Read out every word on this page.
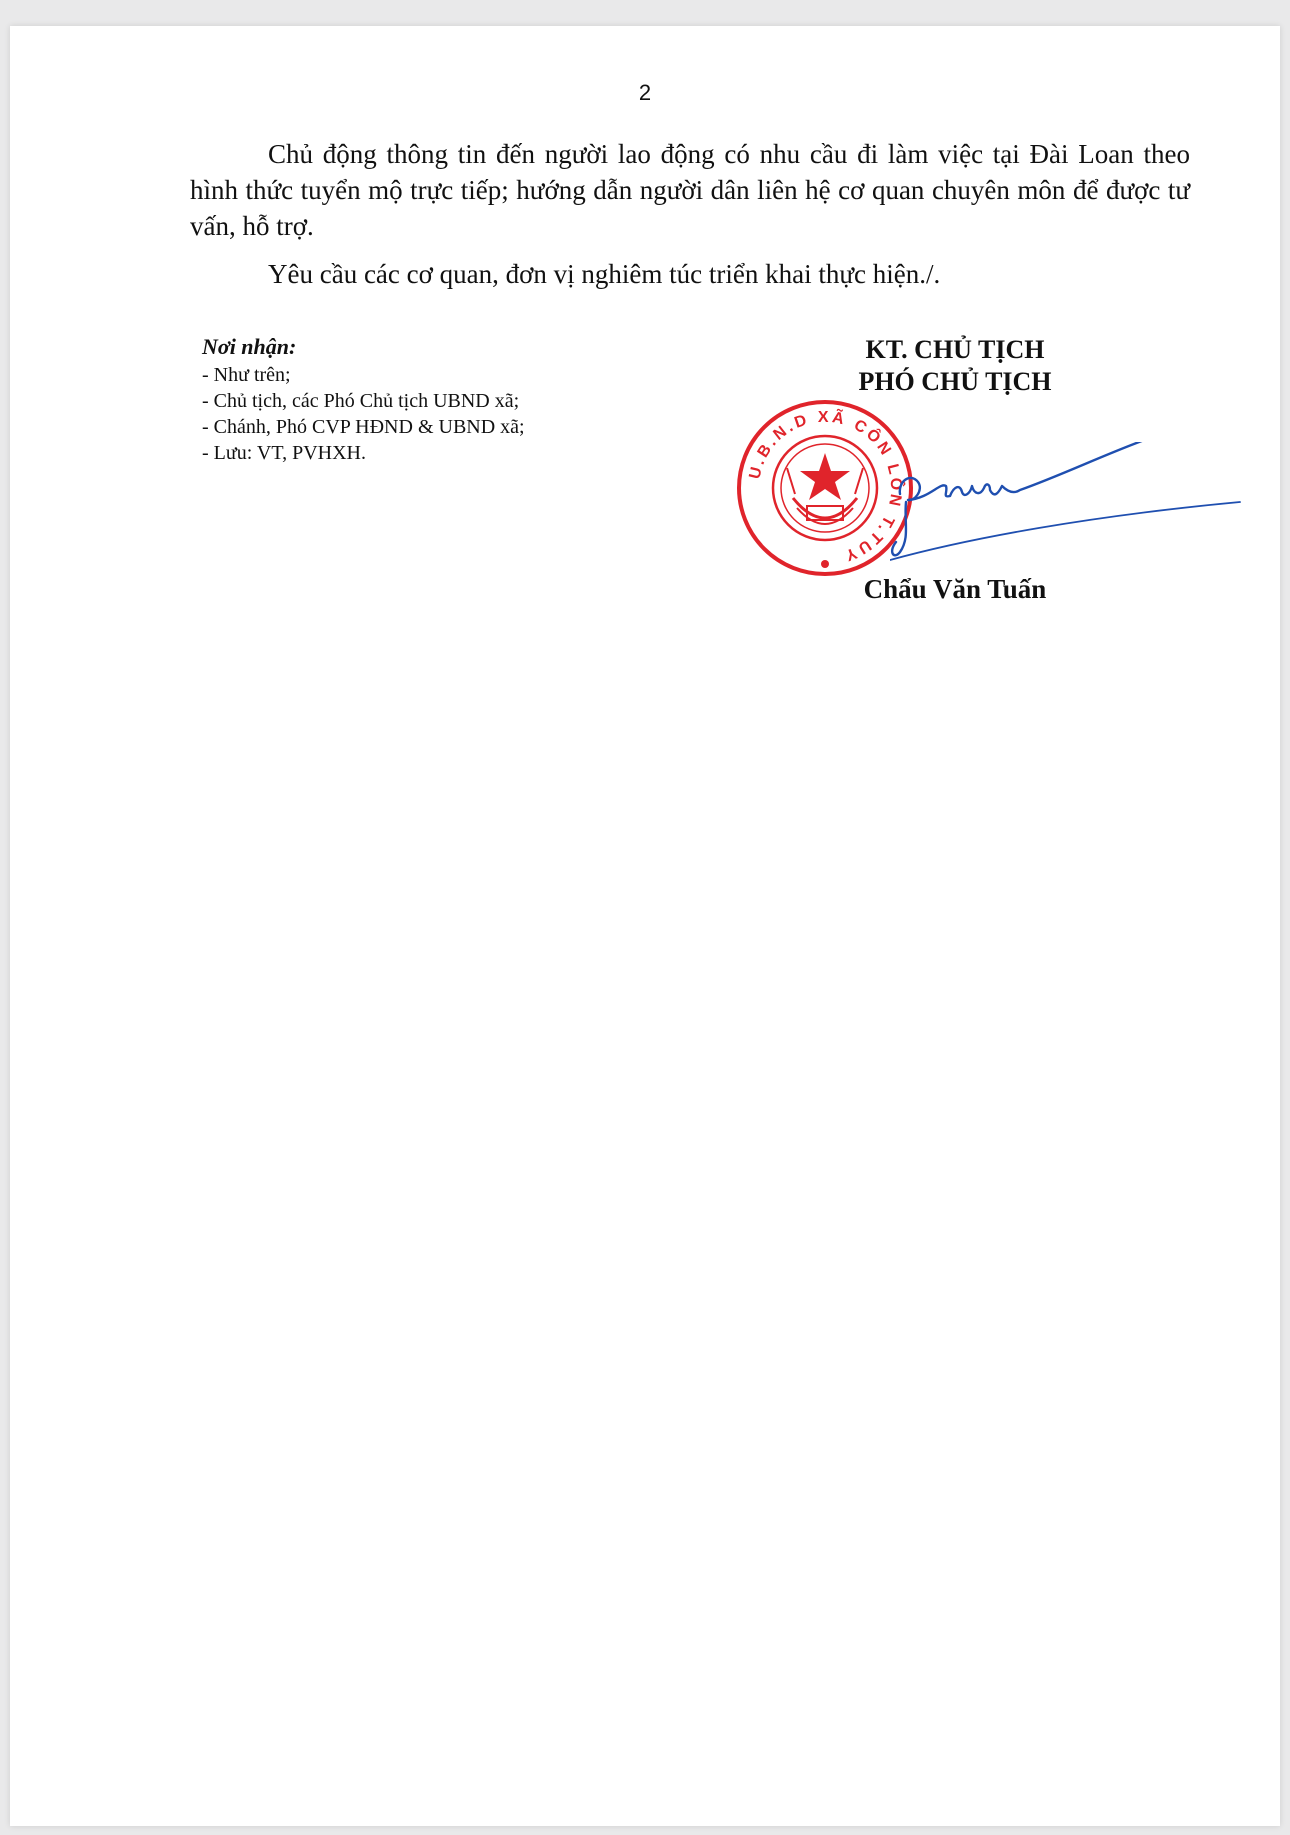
2

Chủ động thông tin đến người lao động có nhu cầu đi làm việc tại Đài Loan theo hình thức tuyển mộ trực tiếp; hướng dẫn người dân liên hệ cơ quan chuyên môn để được tư vấn, hỗ trợ.

Yêu cầu các cơ quan, đơn vị nghiêm túc triển khai thực hiện./.

Nơi nhận:
- Như trên;
- Chủ tịch, các Phó Chủ tịch UBND xã;
- Chánh, Phó CVP HĐND & UBND xã;
- Lưu: VT, PVHXH.
KT. CHỦ TỊCH
PHÓ CHỦ TỊCH
U.B.N.D XÃ CÔN LÔN T.TUY
Chẩu Văn Tuấn
